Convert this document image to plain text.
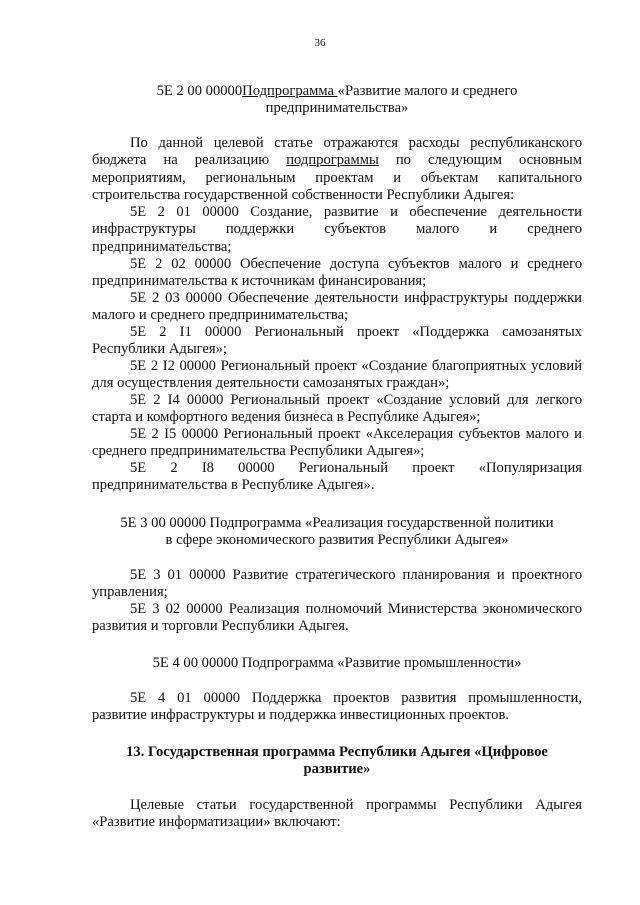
36
5Е 2 00 00000Подпрограмма «Развитие малого и среднего
предпринимательства»

По данной целевой статье отражаются расходы республиканского бюджета на реализацию подпрограммы по следующим основным мероприятиям, региональным проектам и объектам капитального строительства государственной собственности Республики Адыгея:

5Е 2 01 00000 Создание, развитие и обеспечение деятельности инфраструктуры поддержки субъектов малого и среднего предпринимательства;

5Е 2 02 00000 Обеспечение доступа субъектов малого и среднего предпринимательства к источникам финансирования;

5Е 2 03 00000 Обеспечение деятельности инфраструктуры поддержки малого и среднего предпринимательства;

5Е 2 I1 00000 Региональный проект «Поддержка самозанятых Республики Адыгея»;

5Е 2 I2 00000 Региональный проект «Создание благоприятных условий для осуществления деятельности самозанятых граждан»;

5Е 2 I4 00000 Региональный проект «Создание условий для легкого старта и комфортного ведения бизнеса в Республике Адыгея»;

5Е 2 I5 00000 Региональный проект «Акселерация субъектов малого и среднего предпринимательства Республики Адыгея»;

5Е 2 I8 00000 Региональный проект «Популяризация предпринимательства в Республике Адыгея».

5Е 3 00 00000 Подпрограмма «Реализация государственной политики
в сфере экономического развития Республики Адыгея»

5Е 3 01 00000 Развитие стратегического планирования и проектного управления;

5Е 3 02 00000 Реализация полномочий Министерства экономического развития и торговли Республики Адыгея.

5Е 4 00 00000 Подпрограмма «Развитие промышленности»

5Е 4 01 00000 Поддержка проектов развития промышленности, развитие инфраструктуры и поддержка инвестиционных проектов.

13. Государственная программа Республики Адыгея «Цифровое
развитие»

Целевые статьи государственной программы Республики Адыгея «Развитие информатизации» включают:
